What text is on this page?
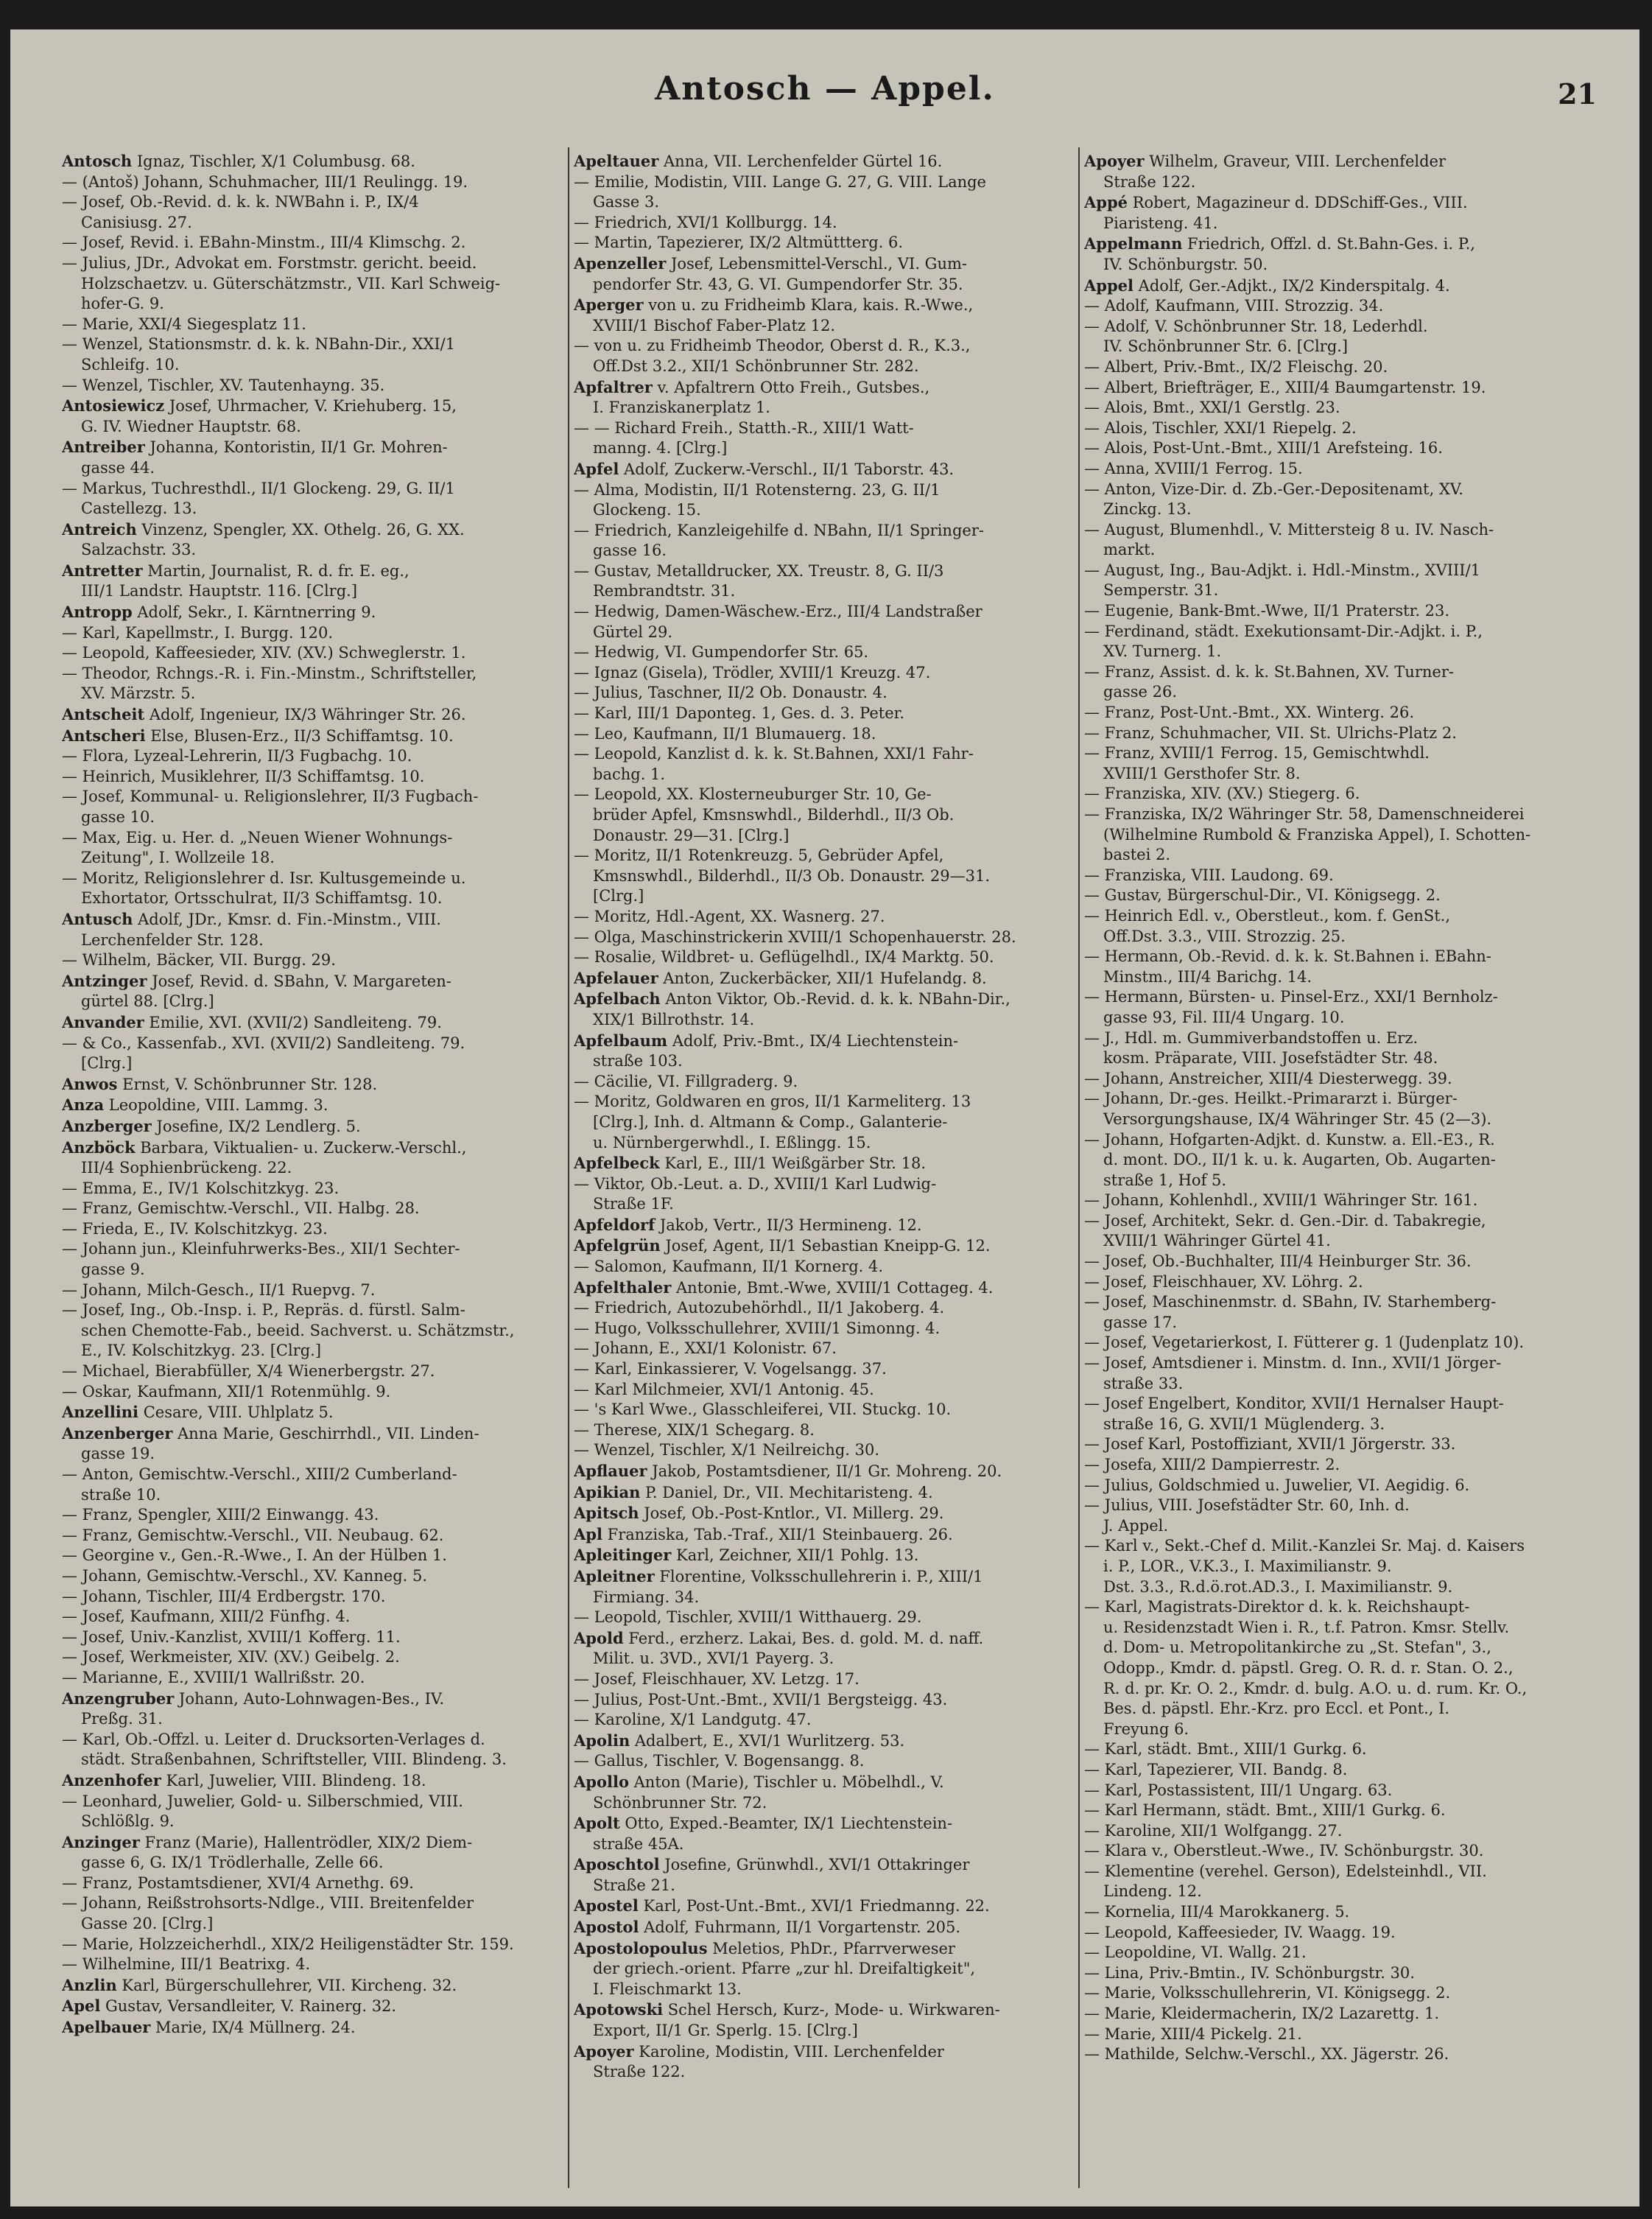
Antosch — Appel.	21
Antosch Ignaz, Tischler, X/1 Columbusg. 68.
— (Antoš) Johann, Schuhmacher, III/1 Reulingg. 19.
— Josef, Ob.-Revid. d. k. k. NWBahn i. P., IX/4
Canisiusg. 27.
— Josef, Revid. i. EBahn-Minstm., III/4 Klimschg. 2.
— Julius, JDr., Advokat em. Forstmstr. gericht. beeid.
Holzschaetzv. u. Güterschätzmstr., VII. Karl Schweig-
hofer-G. 9.
— Marie, XXI/4 Siegesplatz 11.
— Wenzel, Stationsmstr. d. k. k. NBahn-Dir., XXI/1
Schleifg. 10.
— Wenzel, Tischler, XV. Tautenhayng. 35.
Antosiewicz Josef, Uhrmacher, V. Kriehuberg. 15,
G. IV. Wiedner Hauptstr. 68.
Antreiber Johanna, Kontoristin, II/1 Gr. Mohren-
gasse 44.
— Markus, Tuchresthdl., II/1 Glockeng. 29, G. II/1
Castellezg. 13.
Antreich Vinzenz, Spengler, XX. Othelg. 26, G. XX.
Salzachstr. 33.
Antretter Martin, Journalist, R. d. fr. E. eg.,
III/1 Landstr. Hauptstr. 116. [Clrg.]
Antropp Adolf, Sekr., I. Kärntnerring 9.
— Karl, Kapellmstr., I. Burgg. 120.
— Leopold, Kaffeesieder, XIV. (XV.) Schweglerstr. 1.
— Theodor, Rchngs.-R. i. Fin.-Minstm., Schriftsteller,
XV. Märzstr. 5.
Antscheit Adolf, Ingenieur, IX/3 Währinger Str. 26.
Antscheri Else, Blusen-Erz., II/3 Schiffamtsg. 10.
— Flora, Lyzeal-Lehrerin, II/3 Fugbachg. 10.
— Heinrich, Musiklehrer, II/3 Schiffamtsg. 10.
— Josef, Kommunal- u. Religionslehrer, II/3 Fugbach-
gasse 10.
— Max, Eig. u. Her. d. „Neuen Wiener Wohnungs-
Zeitung", I. Wollzeile 18.
— Moritz, Religionslehrer d. Isr. Kultusgemeinde u.
Exhortator, Ortsschulrat, II/3 Schiffamtsg. 10.
Antusch Adolf, JDr., Kmsr. d. Fin.-Minstm., VIII.
Lerchenfelder Str. 128.
— Wilhelm, Bäcker, VII. Burgg. 29.
Antzinger Josef, Revid. d. SBahn, V. Margareten-
gürtel 88. [Clrg.]
Anvander Emilie, XVI. (XVII/2) Sandleiteng. 79.
— & Co., Kassenfab., XVI. (XVII/2) Sandleiteng. 79.
[Clrg.]
Anwos Ernst, V. Schönbrunner Str. 128.
Anza Leopoldine, VIII. Lammg. 3.
Anzberger Josefine, IX/2 Lendlerg. 5.
Anzböck Barbara, Viktualien- u. Zuckerw.-Verschl.,
III/4 Sophienbrückeng. 22.
— Emma, E., IV/1 Kolschitzkyg. 23.
— Franz, Gemischtw.-Verschl., VII. Halbg. 28.
— Frieda, E., IV. Kolschitzkyg. 23.
— Johann jun., Kleinfuhrwerks-Bes., XII/1 Sechter-
gasse 9.
— Johann, Milch-Gesch., II/1 Ruepvg. 7.
— Josef, Ing., Ob.-Insp. i. P., Repräs. d. fürstl. Salm-
schen Chemotte-Fab., beeid. Sachverst. u. Schätzmstr.,
E., IV. Kolschitzkyg. 23. [Clrg.]
— Michael, Bierabfüller, X/4 Wienerbergstr. 27.
— Oskar, Kaufmann, XII/1 Rotenmühlg. 9.
Anzellini Cesare, VIII. Uhlplatz 5.
Anzenberger Anna Marie, Geschirrhdl., VII. Linden-
gasse 19.
— Anton, Gemischtw.-Verschl., XIII/2 Cumberland-
straße 10.
— Franz, Spengler, XIII/2 Einwangg. 43.
— Franz, Gemischtw.-Verschl., VII. Neubaug. 62.
— Georgine v., Gen.-R.-Wwe., I. An der Hülben 1.
— Johann, Gemischtw.-Verschl., XV. Kanneg. 5.
— Johann, Tischler, III/4 Erdbergstr. 170.
— Josef, Kaufmann, XIII/2 Fünfhg. 4.
— Josef, Univ.-Kanzlist, XVIII/1 Kofferg. 11.
— Josef, Werkmeister, XIV. (XV.) Geibelg. 2.
— Marianne, E., XVIII/1 Wallrißstr. 20.
Anzengruber Johann, Auto-Lohnwagen-Bes., IV.
Preßg. 31.
— Karl, Ob.-Offzl. u. Leiter d. Drucksorten-Verlages d.
städt. Straßenbahnen, Schriftsteller, VIII. Blindeng. 3.
Anzenhofer Karl, Juwelier, VIII. Blindeng. 18.
— Leonhard, Juwelier, Gold- u. Silberschmied, VIII.
Schlößlg. 9.
Anzinger Franz (Marie), Hallentrödler, XIX/2 Diem-
gasse 6, G. IX/1 Trödlerhalle, Zelle 66.
— Franz, Postamtsdiener, XVI/4 Arnethg. 69.
— Johann, Reißstrohsorts-Ndlge., VIII. Breitenfelder
Gasse 20. [Clrg.]
— Marie, Holzzeicherhdl., XIX/2 Heiligenstädter Str. 159.
— Wilhelmine, III/1 Beatrixg. 4.
Anzlin Karl, Bürgerschullehrer, VII. Kircheng. 32.
Apel Gustav, Versandleiter, V. Rainerg. 32.
Apelbauer Marie, IX/4 Müllnerg. 24.
Apeltauer Anna, VII. Lerchenfelder Gürtel 16.
— Emilie, Modistin, VIII. Lange G. 27, G. VIII. Lange
Gasse 3.
— Friedrich, XVI/1 Kollburgg. 14.
— Martin, Tapezierer, IX/2 Altmüttterg. 6.
Apenzeller Josef, Lebensmittel-Verschl., VI. Gum-
pendorfer Str. 43, G. VI. Gumpendorfer Str. 35.
Aperger von u. zu Fridheimb Klara, kais. R.-Wwe.,
XVIII/1 Bischof Faber-Platz 12.
— von u. zu Fridheimb Theodor, Oberst d. R., K.3.,
Off.Dst 3.2., XII/1 Schönbrunner Str. 282.
Apfaltrer v. Apfaltrern Otto Freih., Gutsbes.,
I. Franziskanerplatz 1.
— — Richard Freih., Statth.-R., XIII/1 Watt-
manng. 4. [Clrg.]
Apfel Adolf, Zuckerw.-Verschl., II/1 Taborstr. 43.
— Alma, Modistin, II/1 Rotensterng. 23, G. II/1
Glockeng. 15.
— Friedrich, Kanzleigehilfe d. NBahn, II/1 Springer-
gasse 16.
— Gustav, Metalldrucker, XX. Treustr. 8, G. II/3
Rembrandtstr. 31.
— Hedwig, Damen-Wäschew.-Erz., III/4 Landstraßer
Gürtel 29.
— Hedwig, VI. Gumpendorfer Str. 65.
— Ignaz (Gisela), Trödler, XVIII/1 Kreuzg. 47.
— Julius, Taschner, II/2 Ob. Donaustr. 4.
— Karl, III/1 Daponteg. 1, Ges. d. 3. Peter.
— Leo, Kaufmann, II/1 Blumauerg. 18.
— Leopold, Kanzlist d. k. k. St.Bahnen, XXI/1 Fahr-
bachg. 1.
— Leopold, XX. Klosterneuburger Str. 10, Ge-
brüder Apfel, Kmsnswhdl., Bilderhdl., II/3 Ob.
Donaustr. 29—31. [Clrg.]
— Moritz, II/1 Rotenkreuzg. 5, Gebrüder Apfel,
Kmsnswhdl., Bilderhdl., II/3 Ob. Donaustr. 29—31.
[Clrg.]
— Moritz, Hdl.-Agent, XX. Wasnerg. 27.
— Olga, Maschinstrickerin XVIII/1 Schopenhauerstr. 28.
— Rosalie, Wildbret- u. Geflügelhdl., IX/4 Marktg. 50.
Apfelauer Anton, Zuckerbäcker, XII/1 Hufelandg. 8.
Apfelbach Anton Viktor, Ob.-Revid. d. k. k. NBahn-Dir.,
XIX/1 Billrothstr. 14.
Apfelbaum Adolf, Priv.-Bmt., IX/4 Liechtenstein-
straße 103.
— Cäcilie, VI. Fillgraderg. 9.
— Moritz, Goldwaren en gros, II/1 Karmeliterg. 13
[Clrg.], Inh. d. Altmann & Comp., Galanterie-
u. Nürnbergerwhdl., I. Eßlingg. 15.
Apfelbeck Karl, E., III/1 Weißgärber Str. 18.
— Viktor, Ob.-Leut. a. D., XVIII/1 Karl Ludwig-
Straße 1F.
Apfeldorf Jakob, Vertr., II/3 Hermineng. 12.
Apfelgrün Josef, Agent, II/1 Sebastian Kneipp-G. 12.
— Salomon, Kaufmann, II/1 Kornerg. 4.
Apfelthaler Antonie, Bmt.-Wwe, XVIII/1 Cottageg. 4.
— Friedrich, Autozubehörhdl., II/1 Jakoberg. 4.
— Hugo, Volksschullehrer, XVIII/1 Simonng. 4.
— Johann, E., XXI/1 Kolonistr. 67.
— Karl, Einkassierer, V. Vogelsangg. 37.
— Karl Milchmeier, XVI/1 Antonig. 45.
— 's Karl Wwe., Glasschleiferei, VII. Stuckg. 10.
— Therese, XIX/1 Schegarg. 8.
— Wenzel, Tischler, X/1 Neilreichg. 30.
Apflauer Jakob, Postamtsdiener, II/1 Gr. Mohreng. 20.
Apikian P. Daniel, Dr., VII. Mechitaristeng. 4.
Apitsch Josef, Ob.-Post-Kntlor., VI. Millerg. 29.
Apl Franziska, Tab.-Traf., XII/1 Steinbauerg. 26.
Apleitinger Karl, Zeichner, XII/1 Pohlg. 13.
Apleitner Florentine, Volksschullehrerin i. P., XIII/1
Firmiang. 34.
— Leopold, Tischler, XVIII/1 Witthauerg. 29.
Apold Ferd., erzherz. Lakai, Bes. d. gold. M. d. naff.
Milit. u. 3VD., XVI/1 Payerg. 3.
— Josef, Fleischhauer, XV. Letzg. 17.
— Julius, Post-Unt.-Bmt., XVII/1 Bergsteigg. 43.
— Karoline, X/1 Landgutg. 47.
Apolin Adalbert, E., XVI/1 Wurlitzerg. 53.
— Gallus, Tischler, V. Bogensangg. 8.
Apollo Anton (Marie), Tischler u. Möbelhdl., V.
Schönbrunner Str. 72.
Apolt Otto, Exped.-Beamter, IX/1 Liechtenstein-
straße 45A.
Aposchtol Josefine, Grünwhdl., XVI/1 Ottakringer
Straße 21.
Apostel Karl, Post-Unt.-Bmt., XVI/1 Friedmanng. 22.
Apostol Adolf, Fuhrmann, II/1 Vorgartenstr. 205.
Apostolopoulus Meletios, PhDr., Pfarrverweser
der griech.-orient. Pfarre „zur hl. Dreifaltigkeit",
I. Fleischmarkt 13.
Apotowski Schel Hersch, Kurz-, Mode- u. Wirkwaren-
Export, II/1 Gr. Sperlg. 15. [Clrg.]
Apoyer Karoline, Modistin, VIII. Lerchenfelder
Straße 122.
Apoyer Wilhelm, Graveur, VIII. Lerchenfelder
Straße 122.
Appé Robert, Magazineur d. DDSchiff-Ges., VIII.
Piaristeng. 41.
Appelmann Friedrich, Offzl. d. St.Bahn-Ges. i. P.,
IV. Schönburgstr. 50.
Appel Adolf, Ger.-Adjkt., IX/2 Kinderspitalg. 4.
— Adolf, Kaufmann, VIII. Strozzig. 34.
— Adolf, V. Schönbrunner Str. 18, Lederhdl.
IV. Schönbrunner Str. 6. [Clrg.]
— Albert, Priv.-Bmt., IX/2 Fleischg. 20.
— Albert, Briefträger, E., XIII/4 Baumgartenstr. 19.
— Alois, Bmt., XXI/1 Gerstlg. 23.
— Alois, Tischler, XXI/1 Riepelg. 2.
— Alois, Post-Unt.-Bmt., XIII/1 Arefsteing. 16.
— Anna, XVIII/1 Ferrog. 15.
— Anton, Vize-Dir. d. Zb.-Ger.-Depositenamt, XV.
Zinckg. 13.
— August, Blumenhdl., V. Mittersteig 8 u. IV. Nasch-
markt.
— August, Ing., Bau-Adjkt. i. Hdl.-Minstm., XVIII/1
Semperstr. 31.
— Eugenie, Bank-Bmt.-Wwe, II/1 Praterstr. 23.
— Ferdinand, städt. Exekutionsamt-Dir.-Adjkt. i. P.,
XV. Turnerg. 1.
— Franz, Assist. d. k. k. St.Bahnen, XV. Turner-
gasse 26.
— Franz, Post-Unt.-Bmt., XX. Winterg. 26.
— Franz, Schuhmacher, VII. St. Ulrichs-Platz 2.
— Franz, XVIII/1 Ferrog. 15, Gemischtwhdl.
XVIII/1 Gersthofer Str. 8.
— Franziska, XIV. (XV.) Stiegerg. 6.
— Franziska, IX/2 Währinger Str. 58, Damenschneiderei
(Wilhelmine Rumbold & Franziska Appel), I. Schotten-
bastei 2.
— Franziska, VIII. Laudong. 69.
— Gustav, Bürgerschul-Dir., VI. Königsegg. 2.
— Heinrich Edl. v., Oberstleut., kom. f. GenSt.,
Off.Dst. 3.3., VIII. Strozzig. 25.
— Hermann, Ob.-Revid. d. k. k. St.Bahnen i. EBahn-
Minstm., III/4 Barichg. 14.
— Hermann, Bürsten- u. Pinsel-Erz., XXI/1 Bernholz-
gasse 93, Fil. III/4 Ungarg. 10.
— J., Hdl. m. Gummiverbandstoffen u. Erz.
kosm. Präparate, VIII. Josefstädter Str. 48.
— Johann, Anstreicher, XIII/4 Diesterwegg. 39.
— Johann, Dr.-ges. Heilkt.-Primararzt i. Bürger-
Versorgungshause, IX/4 Währinger Str. 45 (2—3).
— Johann, Hofgarten-Adjkt. d. Kunstw. a. Ell.-E3., R.
d. mont. DO., II/1 k. u. k. Augarten, Ob. Augarten-
straße 1, Hof 5.
— Johann, Kohlenhdl., XVIII/1 Währinger Str. 161.
— Josef, Architekt, Sekr. d. Gen.-Dir. d. Tabakregie,
XVIII/1 Währinger Gürtel 41.
— Josef, Ob.-Buchhalter, III/4 Heinburger Str. 36.
— Josef, Fleischhauer, XV. Löhrg. 2.
— Josef, Maschinenmstr. d. SBahn, IV. Starhemberg-
gasse 17.
— Josef, Vegetarierkost, I. Fütterer g. 1 (Judenplatz 10).
— Josef, Amtsdiener i. Minstm. d. Inn., XVII/1 Jörger-
straße 33.
— Josef Engelbert, Konditor, XVII/1 Hernalser Haupt-
straße 16, G. XVII/1 Müglenderg. 3.
— Josef Karl, Postoffiziant, XVII/1 Jörgerstr. 33.
— Josefa, XIII/2 Dampierrestr. 2.
— Julius, Goldschmied u. Juwelier, VI. Aegidig. 6.
— Julius, VIII. Josefstädter Str. 60, Inh. d.
J. Appel.
— Karl v., Sekt.-Chef d. Milit.-Kanzlei Sr. Maj. d. Kaisers
i. P., LOR., V.K.3., I. Maximilianstr. 9.
Dst. 3.3., R.d.ö.rot.AD.3., I. Maximilianstr. 9.
— Karl, Magistrats-Direktor d. k. k. Reichshaupt-
u. Residenzstadt Wien i. R., t.f. Patron. Kmsr. Stellv.
d. Dom- u. Metropolitankirche zu „St. Stefan", 3.,
Odopp., Kmdr. d. päpstl. Greg. O. R. d. r. Stan. O. 2.,
R. d. pr. Kr. O. 2., Kmdr. d. bulg. A.O. u. d. rum. Kr. O.,
Bes. d. päpstl. Ehr.-Krz. pro Eccl. et Pont., I.
Freyung 6.
— Karl, städt. Bmt., XIII/1 Gurkg. 6.
— Karl, Tapezierer, VII. Bandg. 8.
— Karl, Postassistent, III/1 Ungarg. 63.
— Karl Hermann, städt. Bmt., XIII/1 Gurkg. 6.
— Karoline, XII/1 Wolfgangg. 27.
— Klara v., Oberstleut.-Wwe., IV. Schönburgstr. 30.
— Klementine (verehel. Gerson), Edelsteinhdl., VII.
Lindeng. 12.
— Kornelia, III/4 Marokkanerg. 5.
— Leopold, Kaffeesieder, IV. Waagg. 19.
— Leopoldine, VI. Wallg. 21.
— Lina, Priv.-Bmtin., IV. Schönburgstr. 30.
— Marie, Volksschullehrerin, VI. Königsegg. 2.
— Marie, Kleidermacherin, IX/2 Lazarettg. 1.
— Marie, XIII/4 Pickelg. 21.
— Mathilde, Selchw.-Verschl., XX. Jägerstr. 26.
